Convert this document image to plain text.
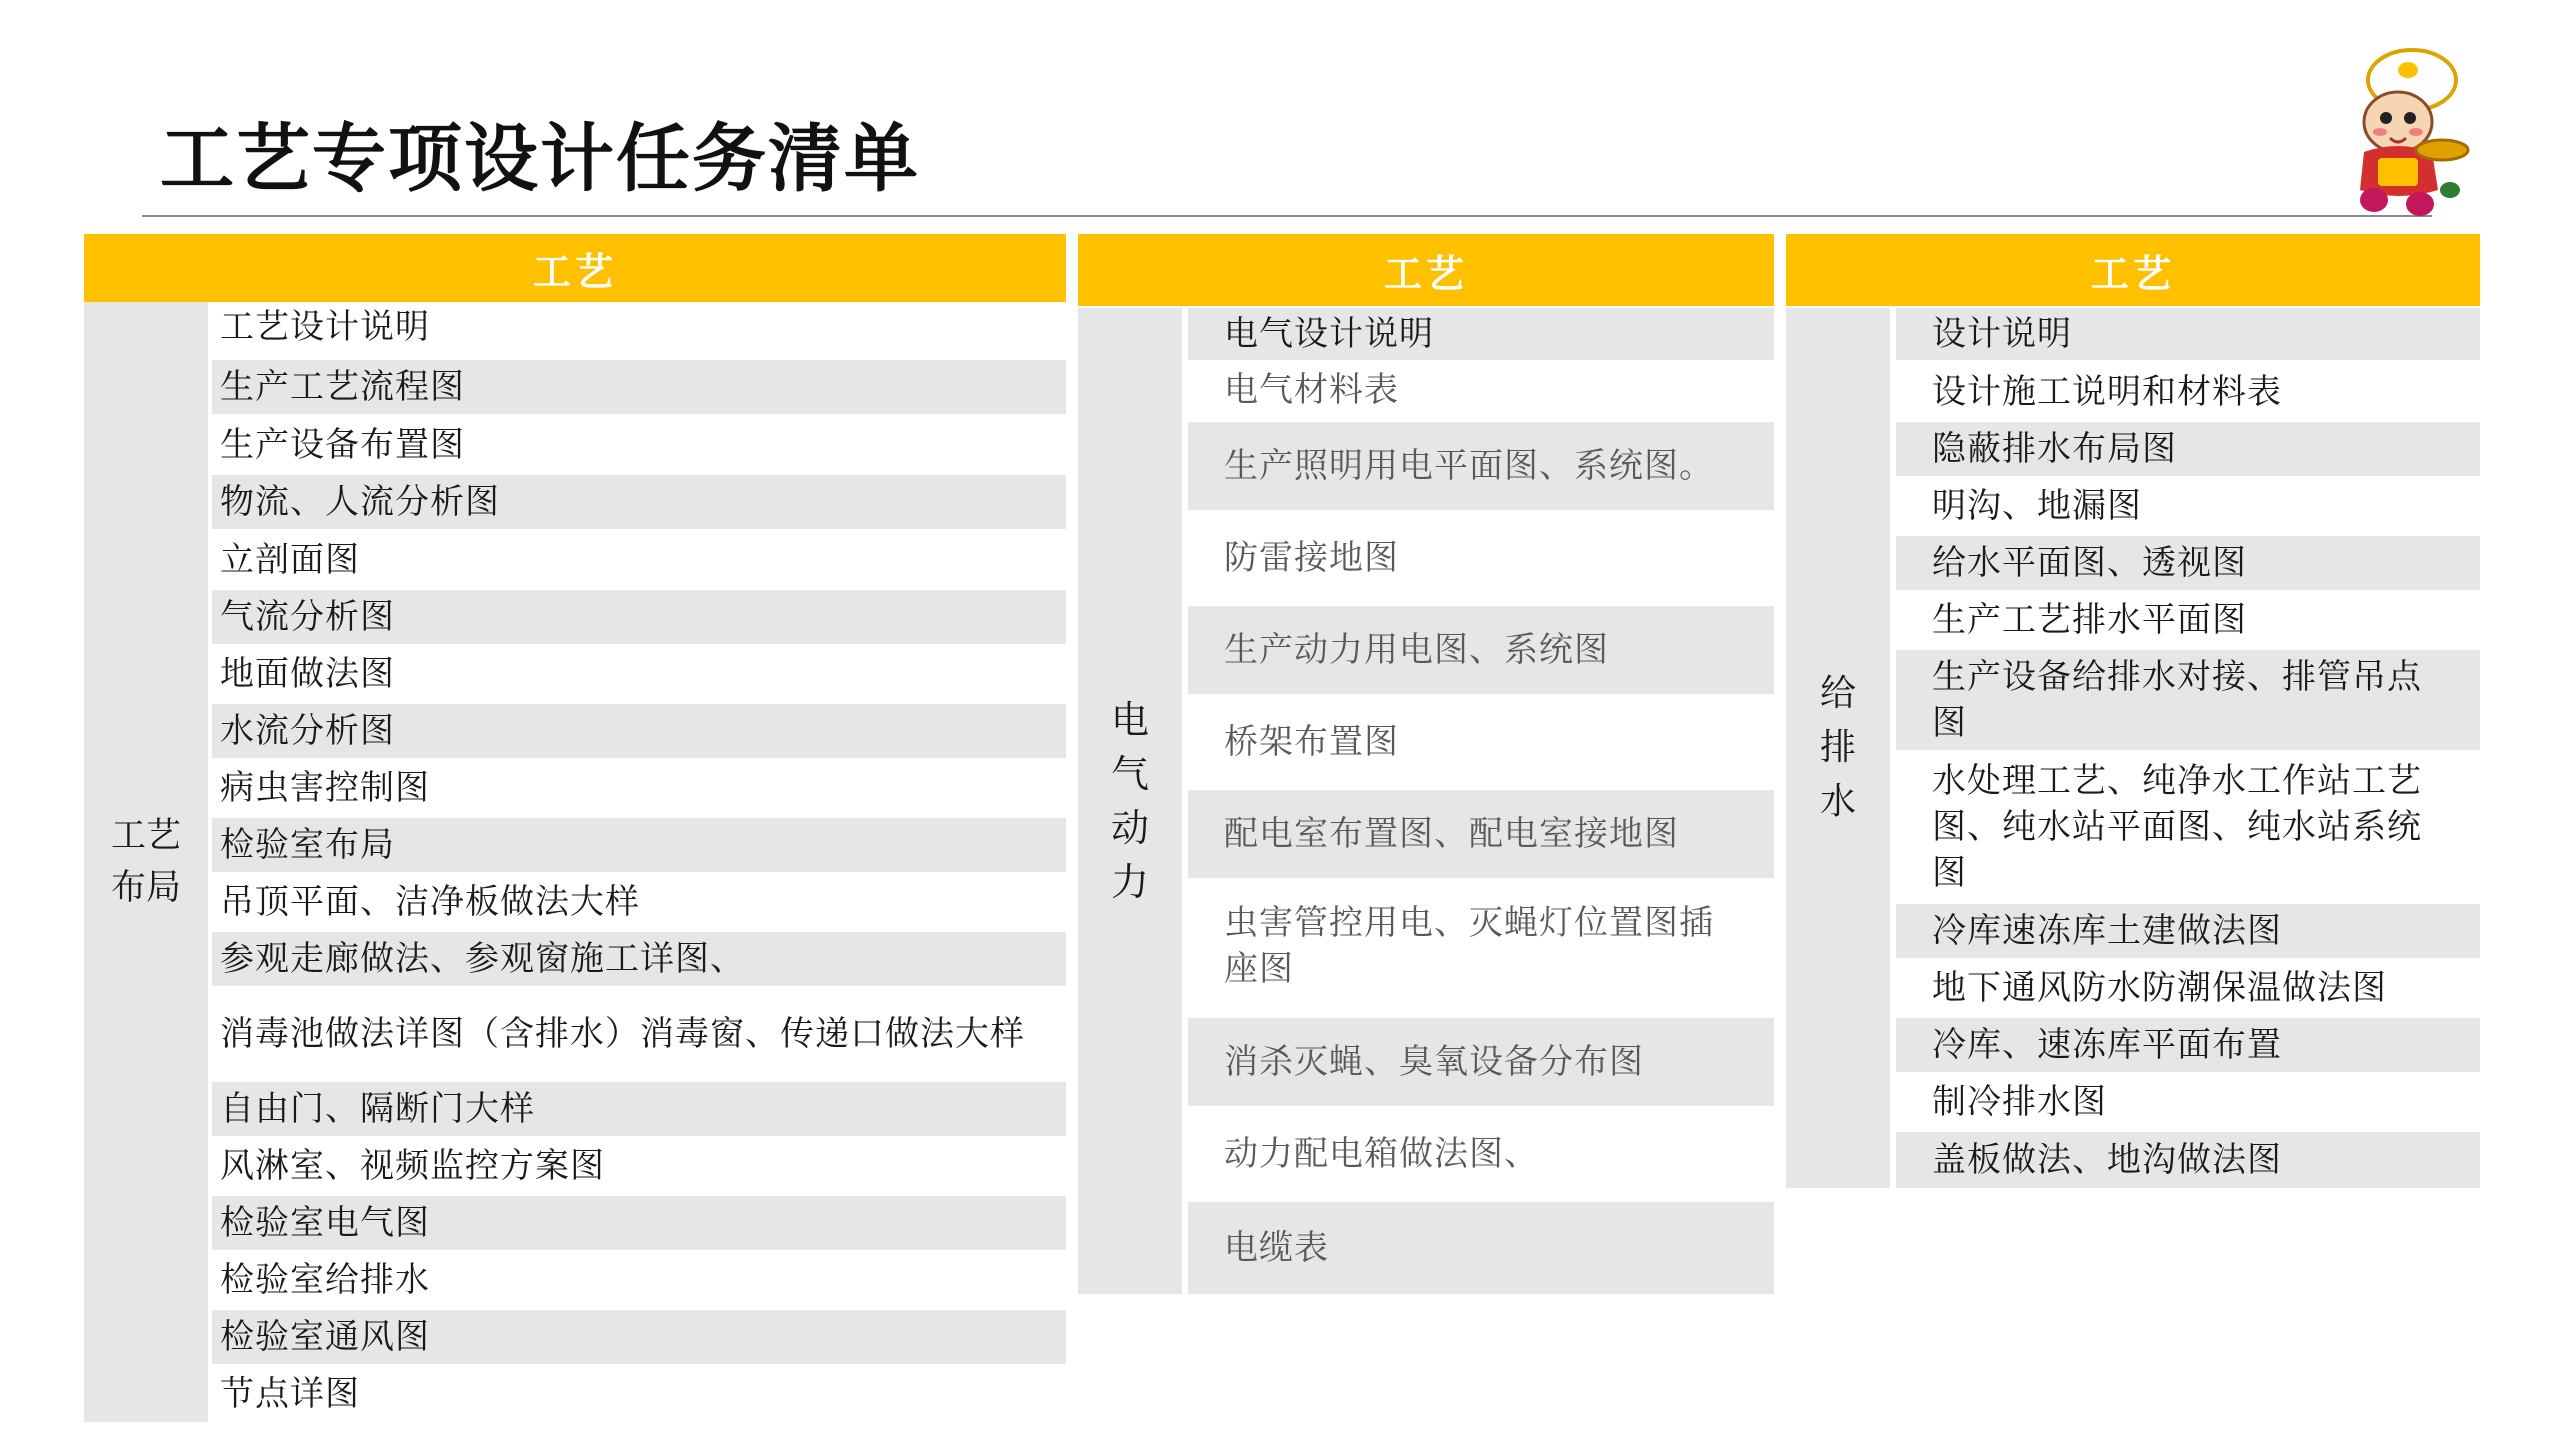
工艺专项设计任务清单
工艺
工艺
布局
工艺设计说明
生产工艺流程图
生产设备布置图
物流、人流分析图
立剖面图
气流分析图
地面做法图
水流分析图
病虫害控制图
检验室布局
吊顶平面、洁净板做法大样
参观走廊做法、参观窗施工详图、
消毒池做法详图（含排水）消毒窗、传递口做法大样
自由门、隔断门大样
风淋室、视频监控方案图
检验室电气图
检验室给排水
检验室通风图
节点详图
工艺
电
气
动
力
电气设计说明
电气材料表
生产照明用电平面图、系统图。
防雷接地图
生产动力用电图、系统图
桥架布置图
配电室布置图、配电室接地图
虫害管控用电、灭蝇灯位置图插座图
消杀灭蝇、臭氧设备分布图
动力配电箱做法图、
电缆表
工艺
给
排
水
设计说明
设计施工说明和材料表
隐蔽排水布局图
明沟、地漏图
给水平面图、透视图
生产工艺排水平面图
生产设备给排水对接、排管吊点图
水处理工艺、纯净水工作站工艺图、纯水站平面图、纯水站系统图
冷库速冻库土建做法图
地下通风防水防潮保温做法图
冷库、速冻库平面布置
制冷排水图
盖板做法、地沟做法图
